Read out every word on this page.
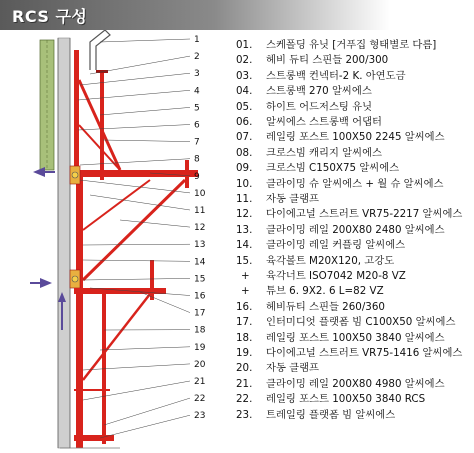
RCS 구성
1
2
3
4
5
6
7
8
9
10
11
12
13
14
15
16
17
18
19
20
21
22
23
01. 스케폴딩 유닛 [거푸집 형태별로 다름]
02. 헤비 듀티 스핀들 200/300
03. 스트롱백 컨넥터-2 K. 아연도금
04. 스트롱백 270 알씨에스
05. 하이트 어드저스팅 유닛
06. 알씨에스 스트롱백 어댑터
07. 레일링 포스트 100X50 2245 알씨에스
08. 크로스빔 캐리지 알씨에스
09. 크로스빔 C150X75 알씨에스
10. 클라이밍 슈 알씨에스 + 월 슈 알씨에스
11. 자동 클램프
12. 다이에고널 스트러트 VR75-2217 알씨에스
13. 클라이밍 레일 200X80 2480 알씨에스
14. 클라이밍 레일 커플링 알씨에스
15. 육각볼트 M20X120, 고강도
+ 육각너트 ISO7042 M20-8 VZ
+ 튜브 6. 9X2. 6 L=82 VZ
16. 헤비듀티 스핀들 260/360
17. 인터미디엇 플랫폼 빔 C100X50 알씨에스
18. 레일링 포스트 100X50 3840 알씨에스
19. 다이에고널 스트러트 VR75-1416 알씨에스
20. 자동 클램프
21. 클라이밍 레일 200X80 4980 알씨에스
22. 레일링 포스트 100X50 3840 RCS
23. 트레일링 플랫폼 빔 알씨에스
